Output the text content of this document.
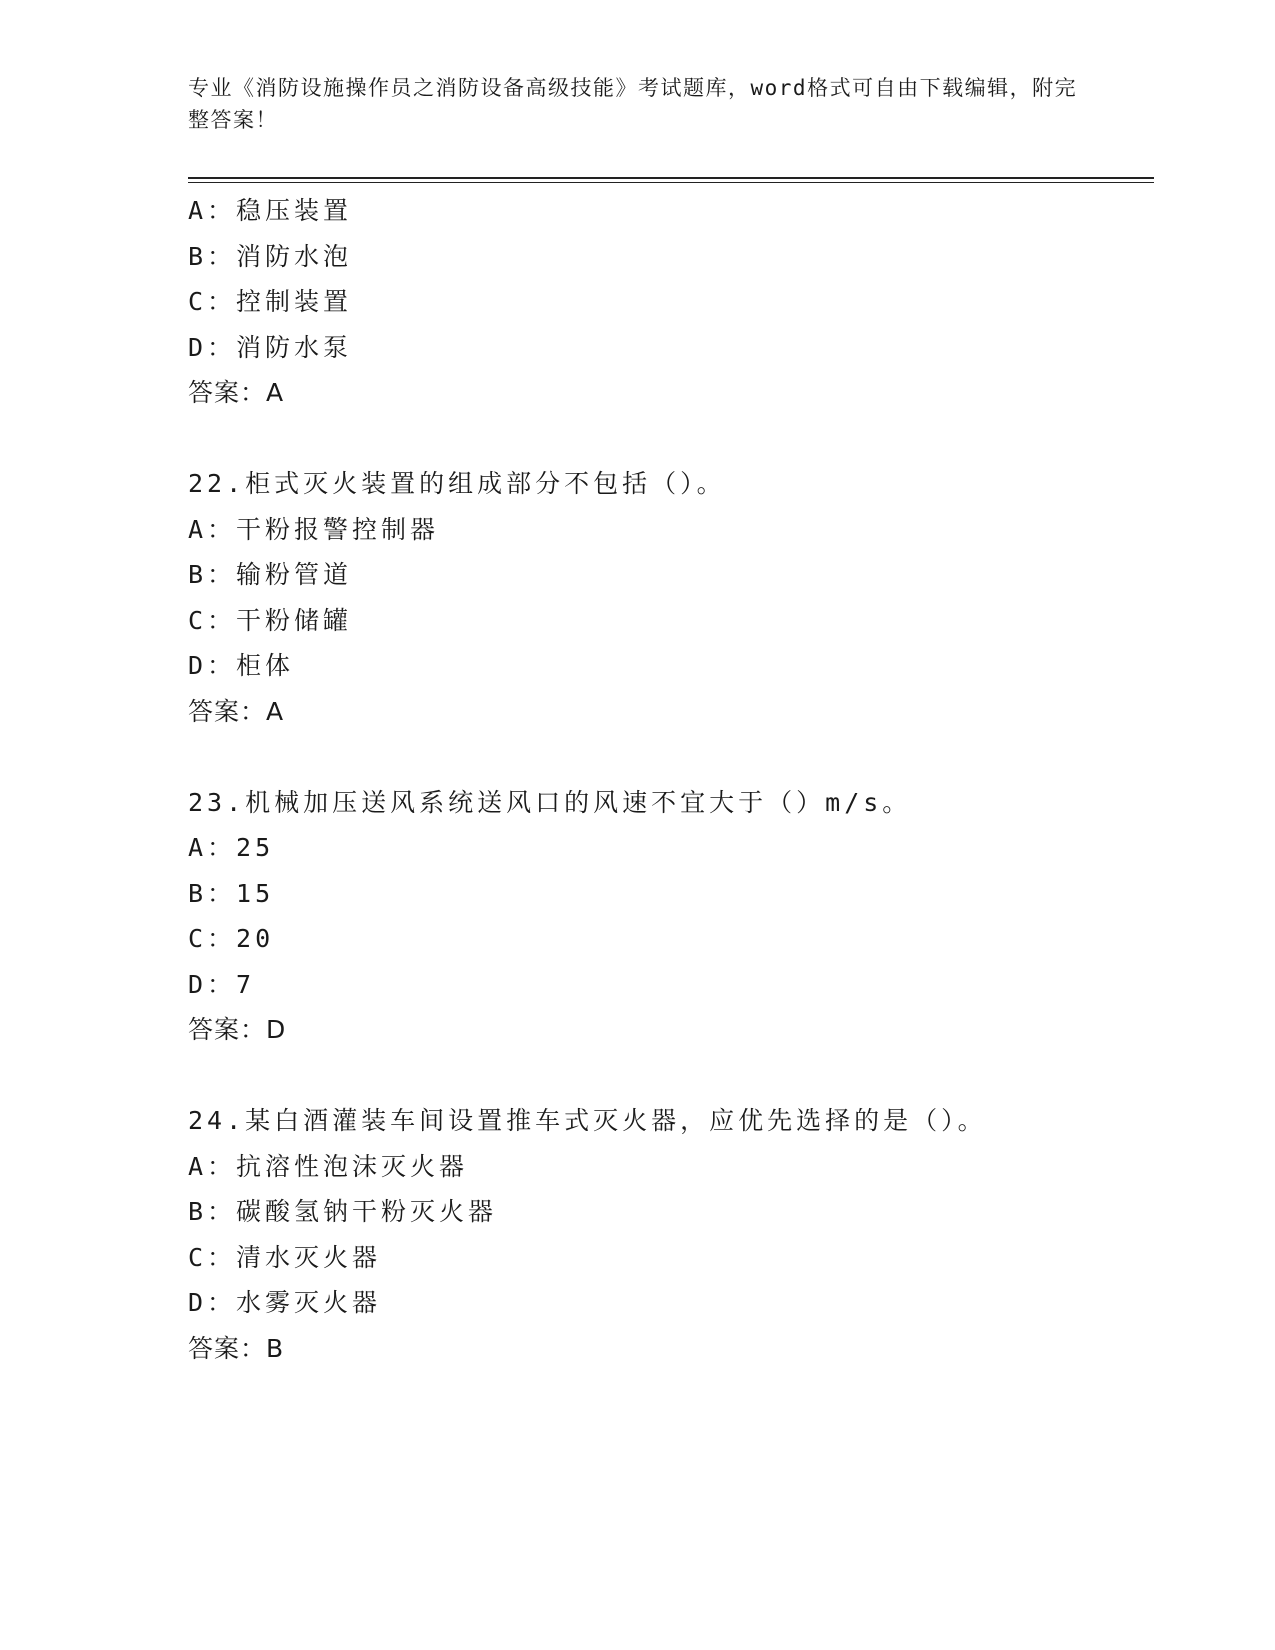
专业《消防设施操作员之消防设备高级技能》考试题库，word格式可自由下载编辑，附完整答案！
A：稳压装置
B：消防水泡
C：控制装置
D：消防水泵
答案：A
22.柜式灭火装置的组成部分不包括（）。
A：干粉报警控制器
B：输粉管道
C：干粉储罐
D：柜体
答案：A
23.机械加压送风系统送风口的风速不宜大于（）m/s。
A：25
B：15
C：20
D：7
答案：D
24.某白酒灌装车间设置推车式灭火器，应优先选择的是（）。
A：抗溶性泡沫灭火器
B：碳酸氢钠干粉灭火器
C：清水灭火器
D：水雾灭火器
答案：B
